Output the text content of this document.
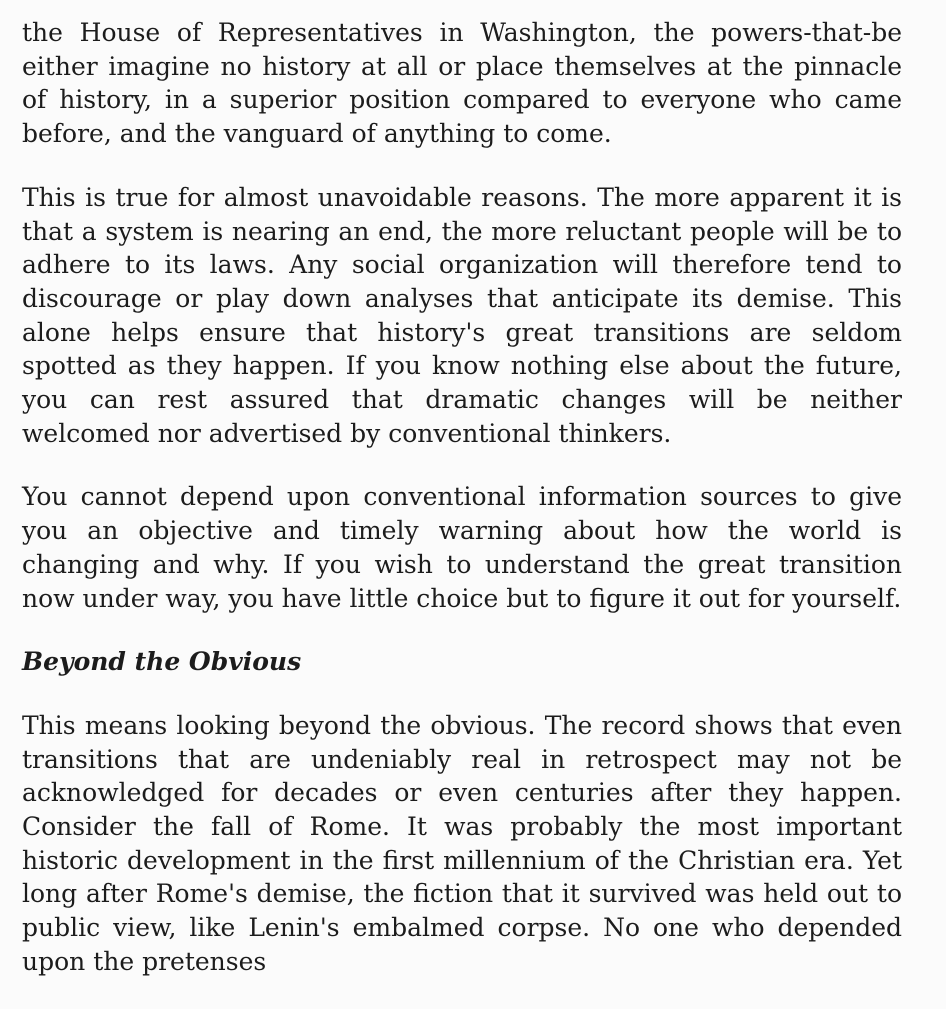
the House of Representatives in Washington, the powers-that-be either imagine no history at all or place themselves at the pinnacle of history, in a superior position compared to everyone who came before, and the vanguard of anything to come.

This is true for almost unavoidable reasons. The more apparent it is that a system is nearing an end, the more reluctant people will be to adhere to its laws. Any social organization will therefore tend to discourage or play down analyses that anticipate its demise. This alone helps ensure that history's great transitions are seldom spotted as they happen. If you know nothing else about the future, you can rest assured that dramatic changes will be neither welcomed nor advertised by conventional thinkers.

You cannot depend upon conventional information sources to give you an objective and timely warning about how the world is changing and why. If you wish to understand the great transition now under way, you have little choice but to figure it out for yourself.

Beyond the Obvious

This means looking beyond the obvious. The record shows that even transitions that are undeniably real in retrospect may not be acknowledged for decades or even centuries after they happen. Consider the fall of Rome. It was probably the most important historic development in the first millennium of the Christian era. Yet long after Rome's demise, the fiction that it survived was held out to public view, like Lenin's embalmed corpse. No one who depended upon the pretenses
